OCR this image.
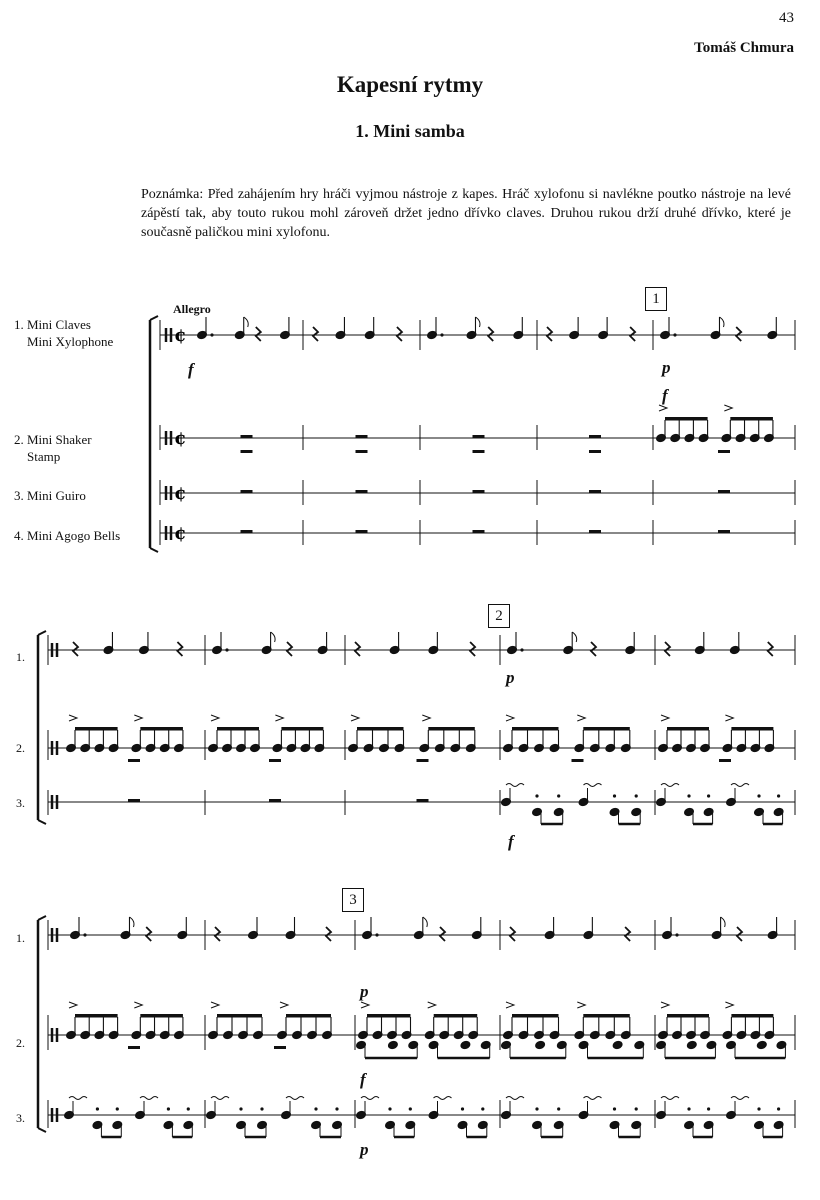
43
Tomáš Chmura
Kapesní rytmy
1. Mini samba
Poznámka: Před zahájením hry hráči vyjmou nástroje z kapes. Hráč xylofonu si navlékne poutko nástroje na levé zápěstí tak, aby touto rukou mohl zároveň držet jedno dřívko claves. Druhou rukou drží druhé dřívko, které je současně paličkou mini xylofonu.
1. Mini Claves
Mini Xylophone
2. Mini Shaker
Stamp
3. Mini Guiro
4. Mini Agogo Bells
Allegro
1
2
3
1.
2.
3.
1.
2.
3.
f	p
f
p
f
p
f
p
¢
¢
¢
¢
